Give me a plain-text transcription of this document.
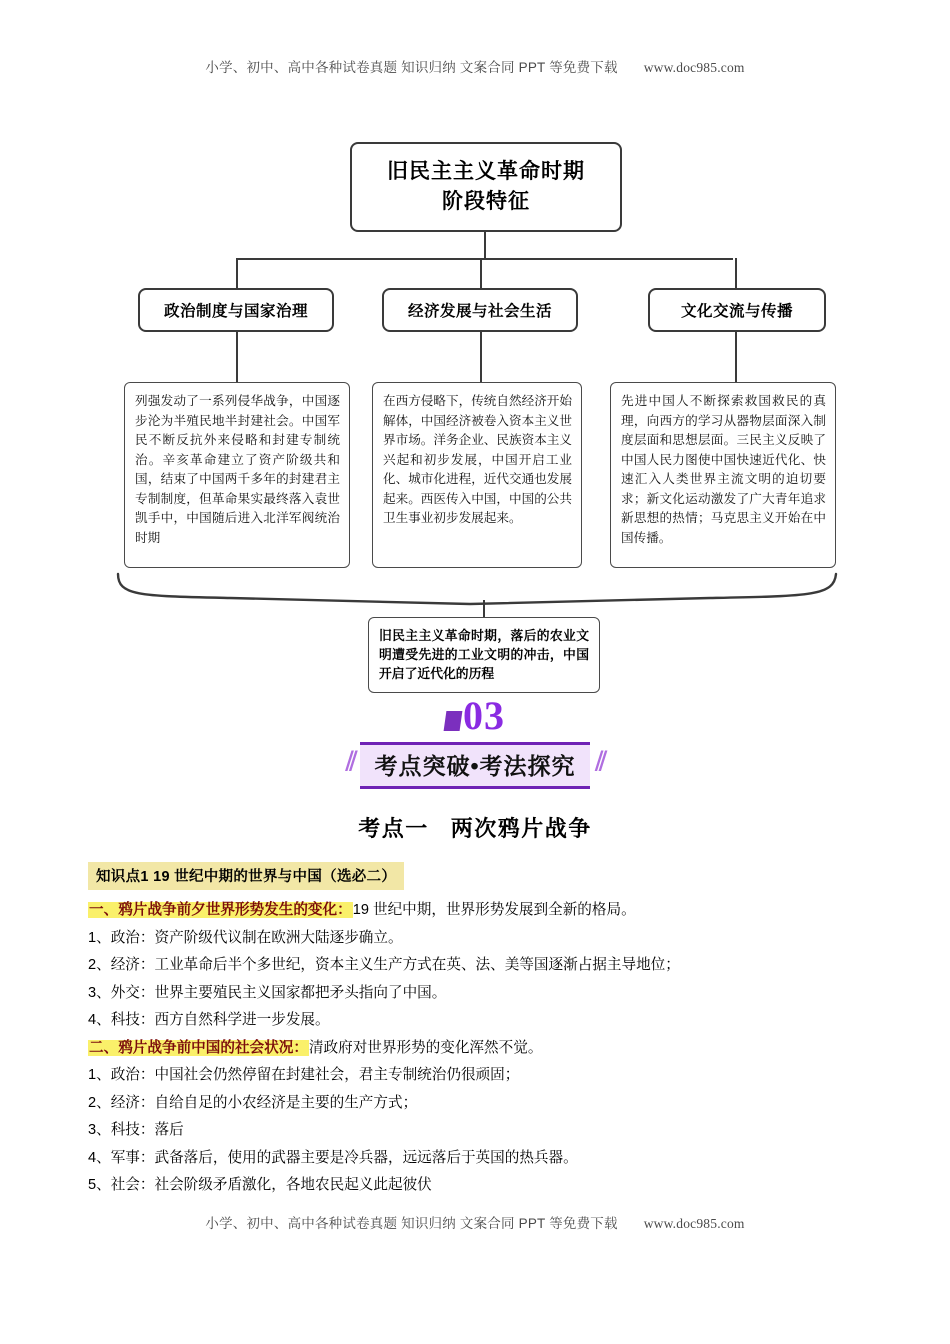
小学、初中、高中各种试卷真题 知识归纳 文案合同 PPT 等免费下载 www.doc985.com
旧民主主义革命时期
阶段特征
政治制度与国家治理	经济发展与社会生活	文化交流与传播
列强发动了一系列侵华战争，中国逐步沦为半殖民地半封建社会。中国军民不断反抗外来侵略和封建专制统治。辛亥革命建立了资产阶级共和国，结束了中国两千多年的封建君主专制制度，但革命果实最终落入袁世凯手中，中国随后进入北洋军阀统治时期
在西方侵略下，传统自然经济开始解体，中国经济被卷入资本主义世界市场。洋务企业、民族资本主义兴起和初步发展，中国开启工业化、城市化进程，近代交通也发展起来。西医传入中国，中国的公共卫生事业初步发展起来。
先进中国人不断探索救国救民的真理，向西方的学习从器物层面深入制度层面和思想层面。三民主义反映了中国人民力图使中国快速近代化、快速汇入人类世界主流文明的迫切要求；新文化运动激发了广大青年追求新思想的热情；马克思主义开始在中国传播。
旧民主主义革命时期，落后的农业文明遭受先进的工业文明的冲击，中国开启了近代化的历程
03
⫽ 考点突破•考法探究 ⫽
考点一 两次鸦片战争
知识点1 19 世纪中期的世界与中国（选必二）
一、鸦片战争前夕世界形势发生的变化：19 世纪中期，世界形势发展到全新的格局。
1、政治：资产阶级代议制在欧洲大陆逐步确立。
2、经济：工业革命后半个多世纪，资本主义生产方式在英、法、美等国逐渐占据主导地位；
3、外交：世界主要殖民主义国家都把矛头指向了中国。
4、科技：西方自然科学进一步发展。
二、鸦片战争前中国的社会状况：清政府对世界形势的变化浑然不觉。
1、政治：中国社会仍然停留在封建社会，君主专制统治仍很顽固；
2、经济：自给自足的小农经济是主要的生产方式；
3、科技：落后
4、军事：武备落后，使用的武器主要是冷兵器，远远落后于英国的热兵器。
5、社会：社会阶级矛盾激化，各地农民起义此起彼伏
小学、初中、高中各种试卷真题 知识归纳 文案合同 PPT 等免费下载 www.doc985.com
